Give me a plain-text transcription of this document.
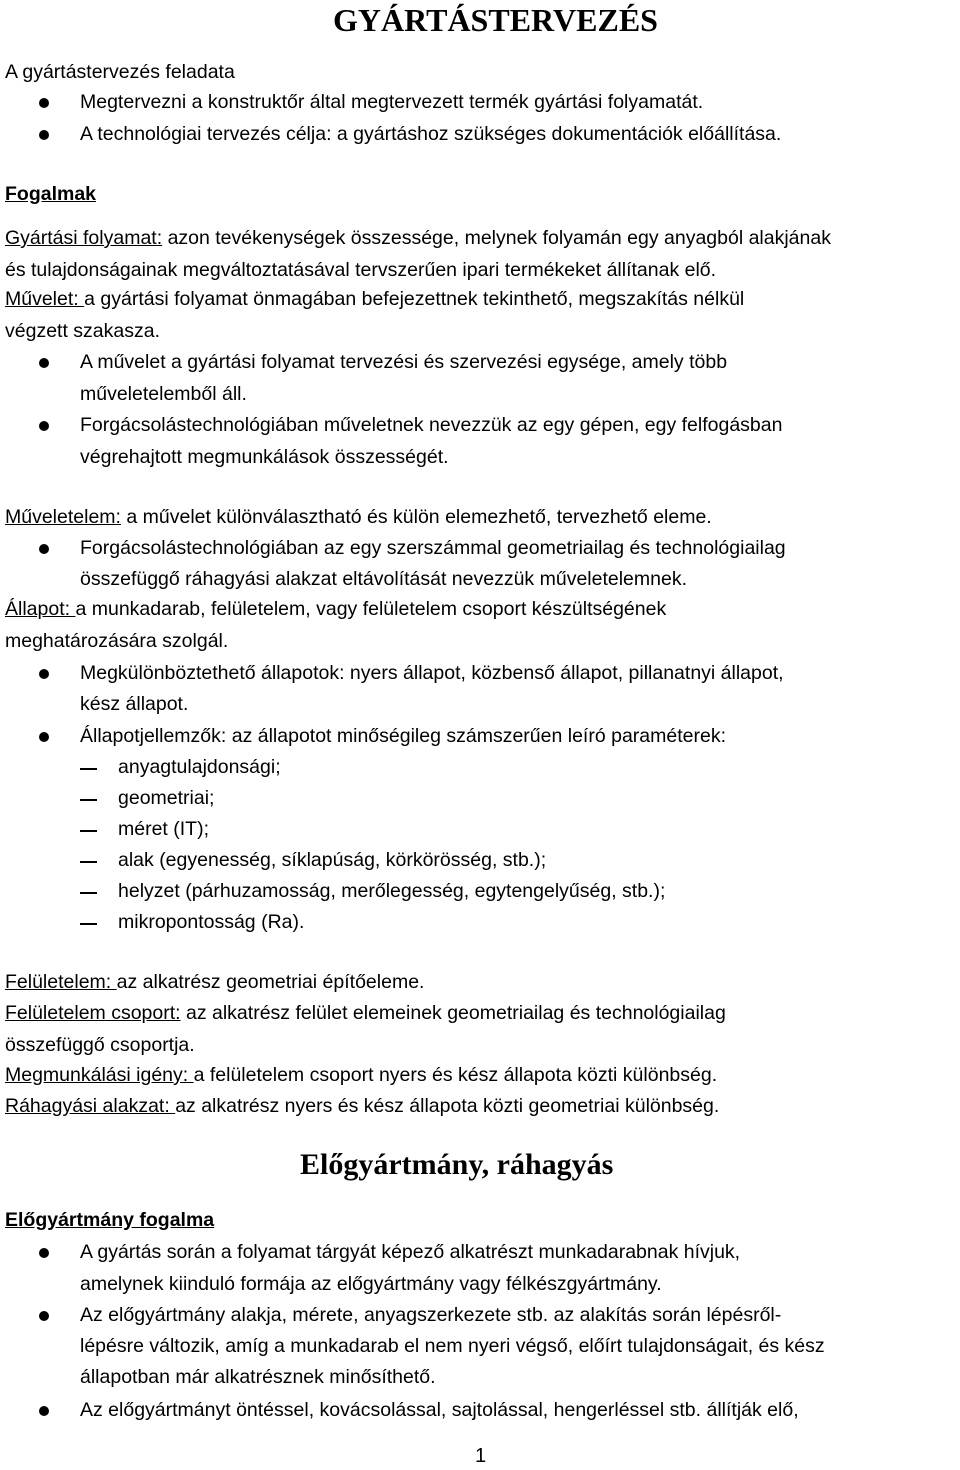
GYÁRTÁSTERVEZÉS
A gyártástervezés feladata
Megtervezni a konstruktőr által megtervezett termék gyártási folyamatát.
A technológiai tervezés célja: a gyártáshoz szükséges dokumentációk előállítása.
Fogalmak
Gyártási folyamat: azon tevékenységek összessége, melynek folyamán egy anyagból alakjának
és tulajdonságainak megváltoztatásával tervszerűen ipari termékeket állítanak elő.
Művelet: a gyártási folyamat önmagában befejezettnek tekinthető, megszakítás nélkül
végzett szakasza.
A művelet a gyártási folyamat tervezési és szervezési egysége, amely több
műveletelemből áll.
Forgácsolástechnológiában műveletnek nevezzük az egy gépen, egy felfogásban
végrehajtott megmunkálások összességét.
Műveletelem: a művelet különválasztható és külön elemezhető, tervezhető eleme.
Forgácsolástechnológiában az egy szerszámmal geometriailag és technológiailag
összefüggő ráhagyási alakzat eltávolítását nevezzük műveletelemnek.
Állapot: a munkadarab, felületelem, vagy felületelem csoport készültségének
meghatározására szolgál.
Megkülönböztethető állapotok: nyers állapot, közbenső állapot, pillanatnyi állapot,
kész állapot.
Állapotjellemzők: az állapotot minőségileg számszerűen leíró paraméterek:
anyagtulajdonsági;
geometriai;
méret (IT);
alak (egyenesség, síklapúság, körkörösség, stb.);
helyzet (párhuzamosság, merőlegesség, egytengelyűség, stb.);
mikropontosság (Ra).
Felületelem: az alkatrész geometriai építőeleme.
Felületelem csoport: az alkatrész felület elemeinek geometriailag és technológiailag
összefüggő csoportja.
Megmunkálási igény: a felületelem csoport nyers és kész állapota közti különbség.
Ráhagyási alakzat: az alkatrész nyers és kész állapota közti geometriai különbség.
Előgyártmány, ráhagyás
Előgyártmány fogalma
A gyártás során a folyamat tárgyát képező alkatrészt munkadarabnak hívjuk,
amelynek kiinduló formája az előgyártmány vagy félkészgyártmány.
Az előgyártmány alakja, mérete, anyagszerkezete stb. az alakítás során lépésről-
lépésre változik, amíg a munkadarab el nem nyeri végső, előírt tulajdonságait, és kész
állapotban már alkatrésznek minősíthető.
Az előgyártmányt öntéssel, kovácsolással, sajtolással, hengerléssel stb. állítják elő,
1
